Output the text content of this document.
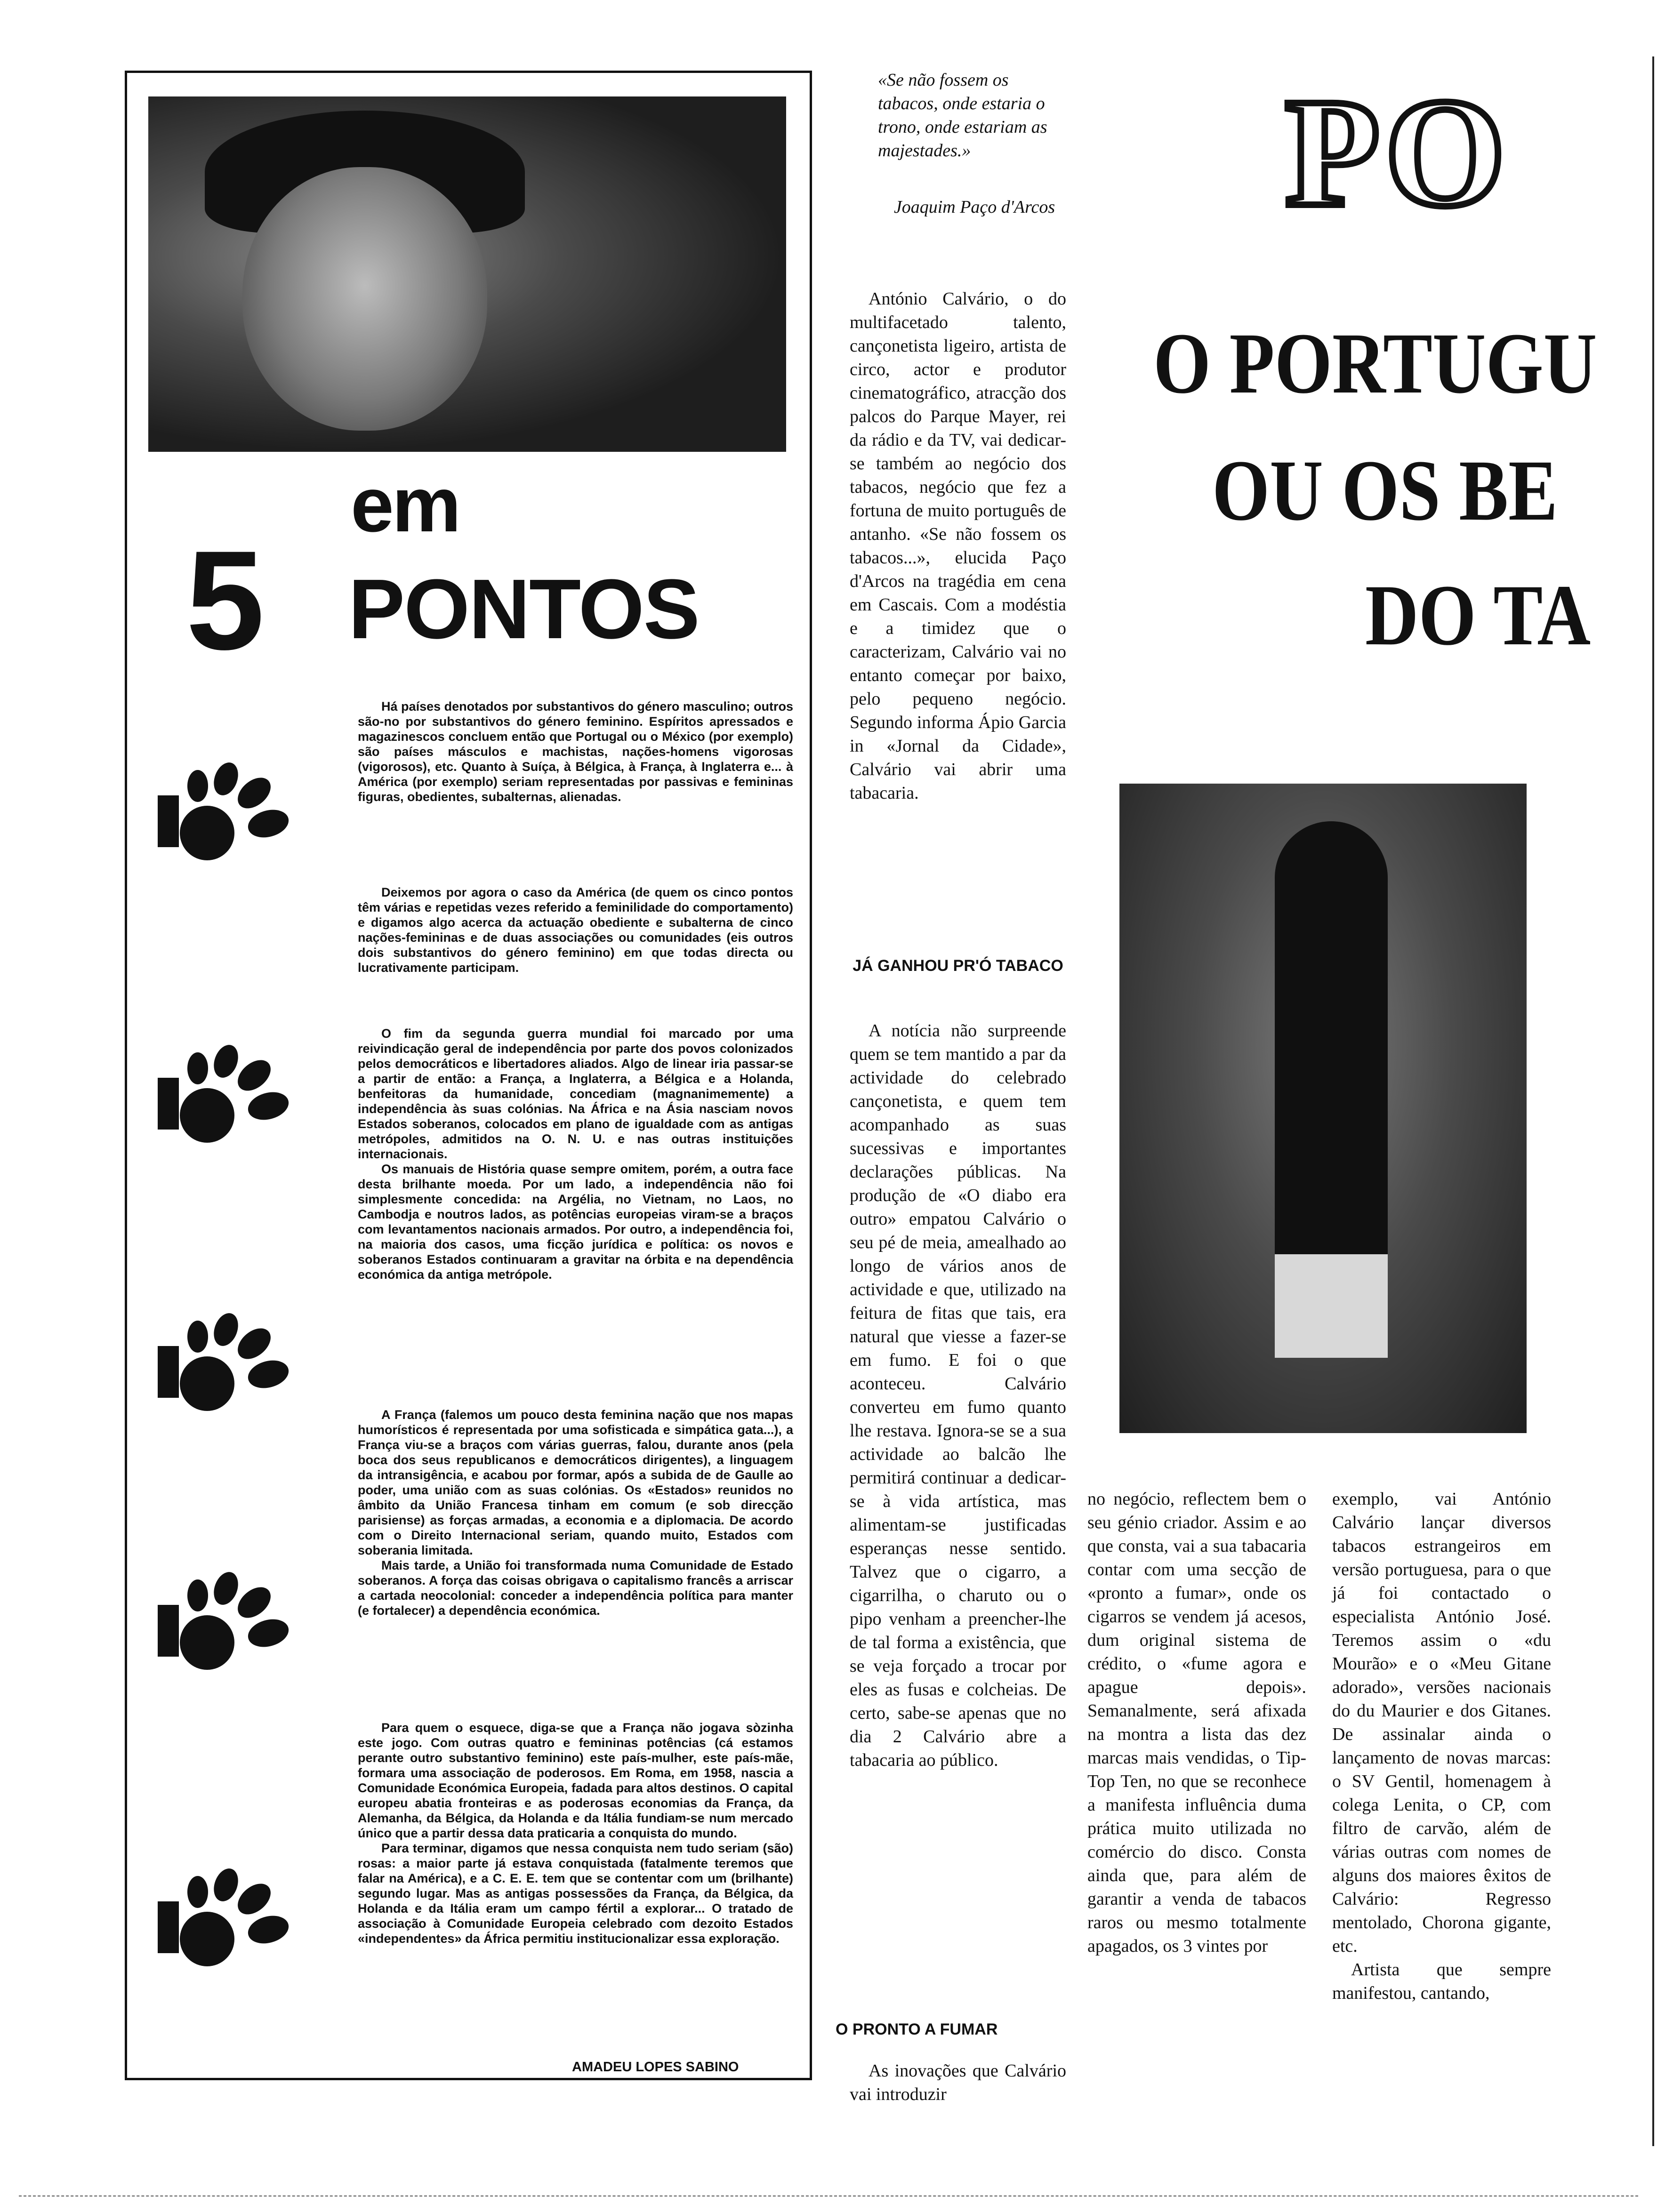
em
5 PONTOS

Há países denotados por substantivos do género masculino; outros são-no por substantivos do género feminino. Espíritos apressados e magazinescos concluem então que Portugal ou o México (por exemplo) são países másculos e machistas, nações-homens vigorosas (vigorosos), etc. Quanto à Suíça, à Bélgica, à França, à Inglaterra e... à América (por exemplo) seriam representadas por passivas e femininas figuras, obedientes, subalternas, alienadas.

Deixemos por agora o caso da América (de quem os cinco pontos têm várias e repetidas vezes referido a feminilidade do comportamento) e digamos algo acerca da actuação obediente e subalterna de cinco nações-femininas e de duas associações ou comunidades (eis outros dois substantivos do género feminino) em que todas directa ou lucrativamente participam.

O fim da segunda guerra mundial foi marcado por uma reivindicação geral de independência por parte dos povos colonizados pelos democráticos e libertadores aliados. Algo de linear iria passar-se a partir de então: a França, a Inglaterra, a Bélgica e a Holanda, benfeitoras da humanidade, concediam (magnanimemente) a independência às suas colónias. Na África e na Ásia nasciam novos Estados soberanos, colocados em plano de igualdade com as antigas metrópoles, admitidos na O. N. U. e nas outras instituições internacionais.

Os manuais de História quase sempre omitem, porém, a outra face desta brilhante moeda. Por um lado, a independência não foi simplesmente concedida: na Argélia, no Vietnam, no Laos, no Cambodja e noutros lados, as potências europeias viram-se a braços com levantamentos nacionais armados. Por outro, a independência foi, na maioria dos casos, uma ficção jurídica e política: os novos e soberanos Estados continuaram a gravitar na órbita e na dependência económica da antiga metrópole.

A França (falemos um pouco desta feminina nação que nos mapas humorísticos é representada por uma sofisticada e simpática gata...), a França viu-se a braços com várias guerras, falou, durante anos (pela boca dos seus republicanos e democráticos dirigentes), a linguagem da intransigência, e acabou por formar, após a subida de de Gaulle ao poder, uma união com as suas colónias. Os «Estados» reunidos no âmbito da União Francesa tinham em comum (e sob direcção parisiense) as forças armadas, a economia e a diplomacia. De acordo com o Direito Internacional seriam, quando muito, Estados com soberania limitada.

Mais tarde, a União foi transformada numa Comunidade de Estado soberanos. A força das coisas obrigava o capitalismo francês a arriscar a cartada neocolonial: conceder a independência política para manter (e fortalecer) a dependência económica.

Para quem o esquece, diga-se que a França não jogava sòzinha este jogo. Com outras quatro e femininas potências (cá estamos perante outro substantivo feminino) este país-mulher, este país-mãe, formara uma associação de poderosos. Em Roma, em 1958, nascia a Comunidade Económica Europeia, fadada para altos destinos. O capital europeu abatia fronteiras e as poderosas economias da França, da Alemanha, da Bélgica, da Holanda e da Itália fundiam-se num mercado único que a partir dessa data praticaria a conquista do mundo.

Para terminar, digamos que nessa conquista nem tudo seriam (são) rosas: a maior parte já estava conquistada (fatalmente teremos que falar na América), e a C. E. E. tem que se contentar com um (brilhante) segundo lugar. Mas as antigas possessões da França, da Bélgica, da Holanda e da Itália eram um campo fértil a explorar... O tratado de associação à Comunidade Europeia celebrado com dezoito Estados «independentes» da África permitiu institucionalizar essa exploração.

AMADEU LOPES SABINO
PO
O PORTUGU
OU OS BE
DO TA
«Se não fossem os tabacos, onde estaria o trono, onde estariam as majestades.»
Joaquim Paço d'Arcos

António Calvário, o do multifacetado talento, cançonetista ligeiro, artista de circo, actor e produtor cinematográfico, atracção dos palcos do Parque Mayer, rei da rádio e da TV, vai dedicar-se também ao negócio dos tabacos, negócio que fez a fortuna de muito português de antanho. «Se não fossem os tabacos...», elucida Paço d'Arcos na tragédia em cena em Cascais. Com a modéstia e a timidez que o caracterizam, Calvário vai no entanto começar por baixo, pelo pequeno negócio. Segundo informa Ápio Garcia in «Jornal da Cidade», Calvário vai abrir uma tabacaria.

JÁ GANHOU PR'Ó TABACO

A notícia não surpreende quem se tem mantido a par da actividade do celebrado cançonetista, e quem tem acompanhado as suas sucessivas e importantes declarações públicas. Na produção de «O diabo era outro» empatou Calvário o seu pé de meia, amealhado ao longo de vários anos de actividade e que, utilizado na feitura de fitas que tais, era natural que viesse a fazer-se em fumo. E foi o que aconteceu. Calvário converteu em fumo quanto lhe restava. Ignora-se se a sua actividade ao balcão lhe permitirá continuar a dedicar-se à vida artística, mas alimentam-se justificadas esperanças nesse sentido. Talvez que o cigarro, a cigarrilha, o charuto ou o pipo venham a preencher-lhe de tal forma a existência, que se veja forçado a trocar por eles as fusas e colcheias. De certo, sabe-se apenas que no dia 2 Calvário abre a tabacaria ao público.

O PRONTO A FUMAR

As inovações que Calvário vai introduzir

no negócio, reflectem bem o seu génio criador. Assim e ao que consta, vai a sua tabacaria contar com uma secção de «pronto a fumar», onde os cigarros se vendem já acesos, dum original sistema de crédito, o «fume agora e apague depois». Semanalmente, será afixada na montra a lista das dez marcas mais vendidas, o Tip-Top Ten, no que se reconhece a manifesta influência duma prática muito utilizada no comércio do disco. Consta ainda que, para além de garantir a venda de tabacos raros ou mesmo totalmente apagados, os 3 vintes por

exemplo, vai António Calvário lançar diversos tabacos estrangeiros em versão portuguesa, para o que já foi contactado o especialista António José. Teremos assim o «du Mourão» e o «Meu Gitane adorado», versões nacionais do du Maurier e dos Gitanes. De assinalar ainda o lançamento de novas marcas: o SV Gentil, homenagem à colega Lenita, o CP, com filtro de carvão, além de várias outras com nomes de alguns dos maiores êxitos de Calvário: Regresso mentolado, Chorona gigante, etc.

Artista que sempre manifestou, cantando,
